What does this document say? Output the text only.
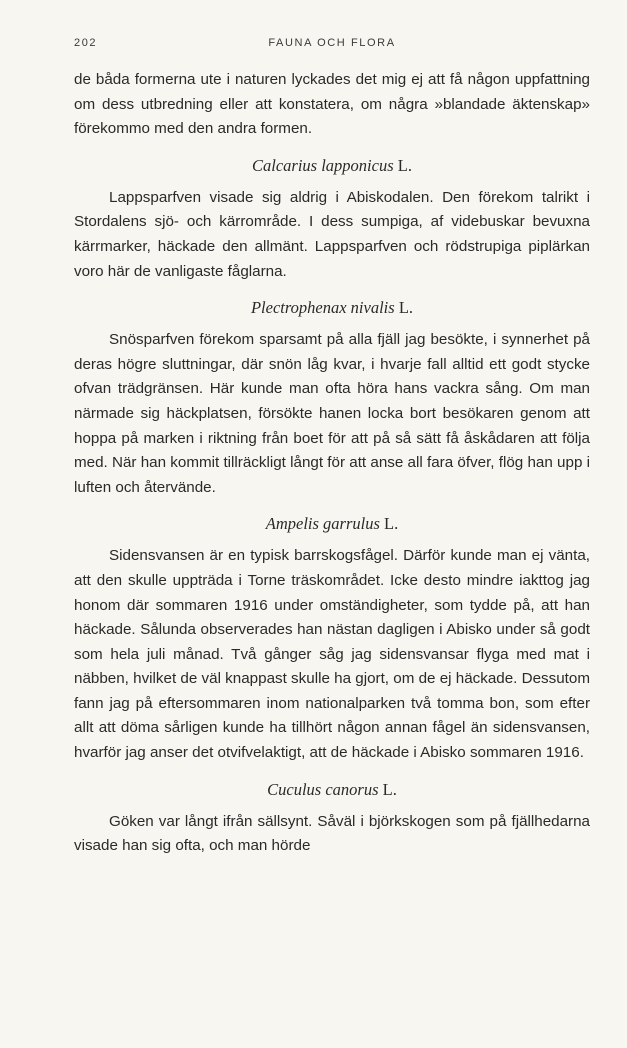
202	FAUNA OCH FLORA

de båda formerna ute i naturen lyckades det mig ej att få någon uppfattning om dess utbredning eller att konstatera, om några »blandade äktenskap» förekommo med den andra formen.

Calcarius lapponicus L.

Lappsparfven visade sig aldrig i Abiskodalen. Den förekom talrikt i Stordalens sjö- och kärrområde. I dess sumpiga, af videbuskar bevuxna kärrmarker, häckade den allmänt. Lappsparfven och rödstrupiga piplärkan voro här de vanligaste fåglarna.

Plectrophenax nivalis L.

Snösparfven förekom sparsamt på alla fjäll jag besökte, i synnerhet på deras högre sluttningar, där snön låg kvar, i hvarje fall alltid ett godt stycke ofvan trädgränsen. Här kunde man ofta höra hans vackra sång. Om man närmade sig häckplatsen, försökte hanen locka bort besökaren genom att hoppa på marken i riktning från boet för att på så sätt få åskådaren att följa med. När han kommit tillräckligt långt för att anse all fara öfver, flög han upp i luften och återvände.

Ampelis garrulus L.

Sidensvansen är en typisk barrskogsfågel. Därför kunde man ej vänta, att den skulle uppträda i Torne träskområdet. Icke desto mindre iakttog jag honom där sommaren 1916 under omständigheter, som tydde på, att han häckade. Sålunda observerades han nästan dagligen i Abisko under så godt som hela juli månad. Två gånger såg jag sidensvansar flyga med mat i näbben, hvilket de väl knappast skulle ha gjort, om de ej häckade. Dessutom fann jag på eftersommaren inom nationalparken två tomma bon, som efter allt att döma sårligen kunde ha tillhört någon annan fågel än sidensvansen, hvarför jag anser det otvifvelaktigt, att de häckade i Abisko sommaren 1916.

Cuculus canorus L.

Göken var långt ifrån sällsynt. Såväl i björkskogen som på fjällhedarna visade han sig ofta, och man hörde
